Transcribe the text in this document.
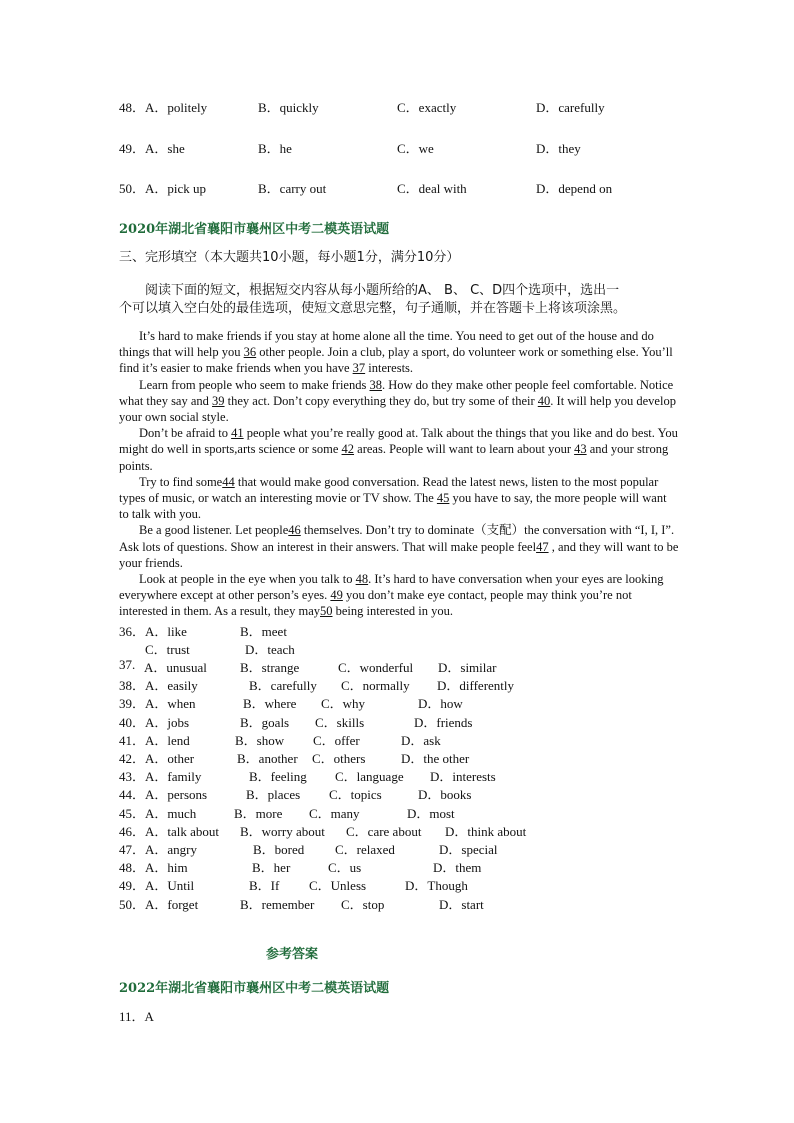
48．A．politely	B．quickly	C．exactly	D．carefully
49．A．she	B．he	C．we	D．they
50．A．pick up	B．carry out	C．deal with	D．depend on
2020年湖北省襄阳市襄州区中考二模英语试题
三、完形填空（本大题共10小题，每小题1分，满分10分）
阅读下面的短文，根据短交内容从每小题所给的A、 B、 C、D四个选项中，选出一
个可以填入空白处的最佳选项，使短文意思完整，句子通顺，并在答题卡上将该项涂黑。
It’s hard to make friends if you stay at home alone all the time. You need to get out of the house and do things that will help you 36 other people. Join a club, play a sport, do volunteer work or something else. You’ll find it’s easier to make friends when you have 37 interests.
Learn from people who seem to make friends 38. How do they make other people feel comfortable. Notice what they say and 39 they act. Don’t copy everything they do, but try some of their 40. It will help you develop your own social style.
Don’t be afraid to 41 people what you’re really good at. Talk about the things that you like and do best. You might do well in sports,arts science or some 42 areas. People will want to learn about your 43 and your strong points.
Try to find some44 that would make good conversation. Read the latest news, listen to the most popular types of music, or watch an interesting movie or TV show. The 45 you have to say, the more people will want to talk with you.
Be a good listener. Let people46 themselves. Don’t try to dominate（支配）the conversation with “I, I, I”. Ask lots of questions. Show an interest in their answers. That will make people feel47 , and they will want to be your friends.
Look at people in the eye when you talk to 48. It’s hard to have conversation when your eyes are looking everywhere except at other person’s eyes. 49 you don’t make eye contact, people may think you’re not interested in them. As a result, they may50 being interested in you.
36． A．like	B．meet
C．trust	D．teach
37. A．unusual	B．strange	C．wonderful D．similar
38． A．easily	B．carefully C．normally D．differently
39． A．when	B．where C．why	D．how
40． A．jobs	B．goals C．skills	D．friends
41． A．lend	B．show C．offer	D．ask
42． A．other	B．another C．others	D．the other
43． A．family	B．feeling C．language D．interests
44． A．persons	B．places C．topics	D．books
45． A．much	B．more C．many	D．most
46． A．talk about B．worry about C．care about D．think about
47． A．angry	B．bored C．relaxed	D．special
48． A．him	B．her	C．us	D．them
49． A．Until	B．If C．Unless	D．Though
50． A．forget	B．remember C．stop	D．start
参考答案
2022年湖北省襄阳市襄州区中考二模英语试题
11．A
